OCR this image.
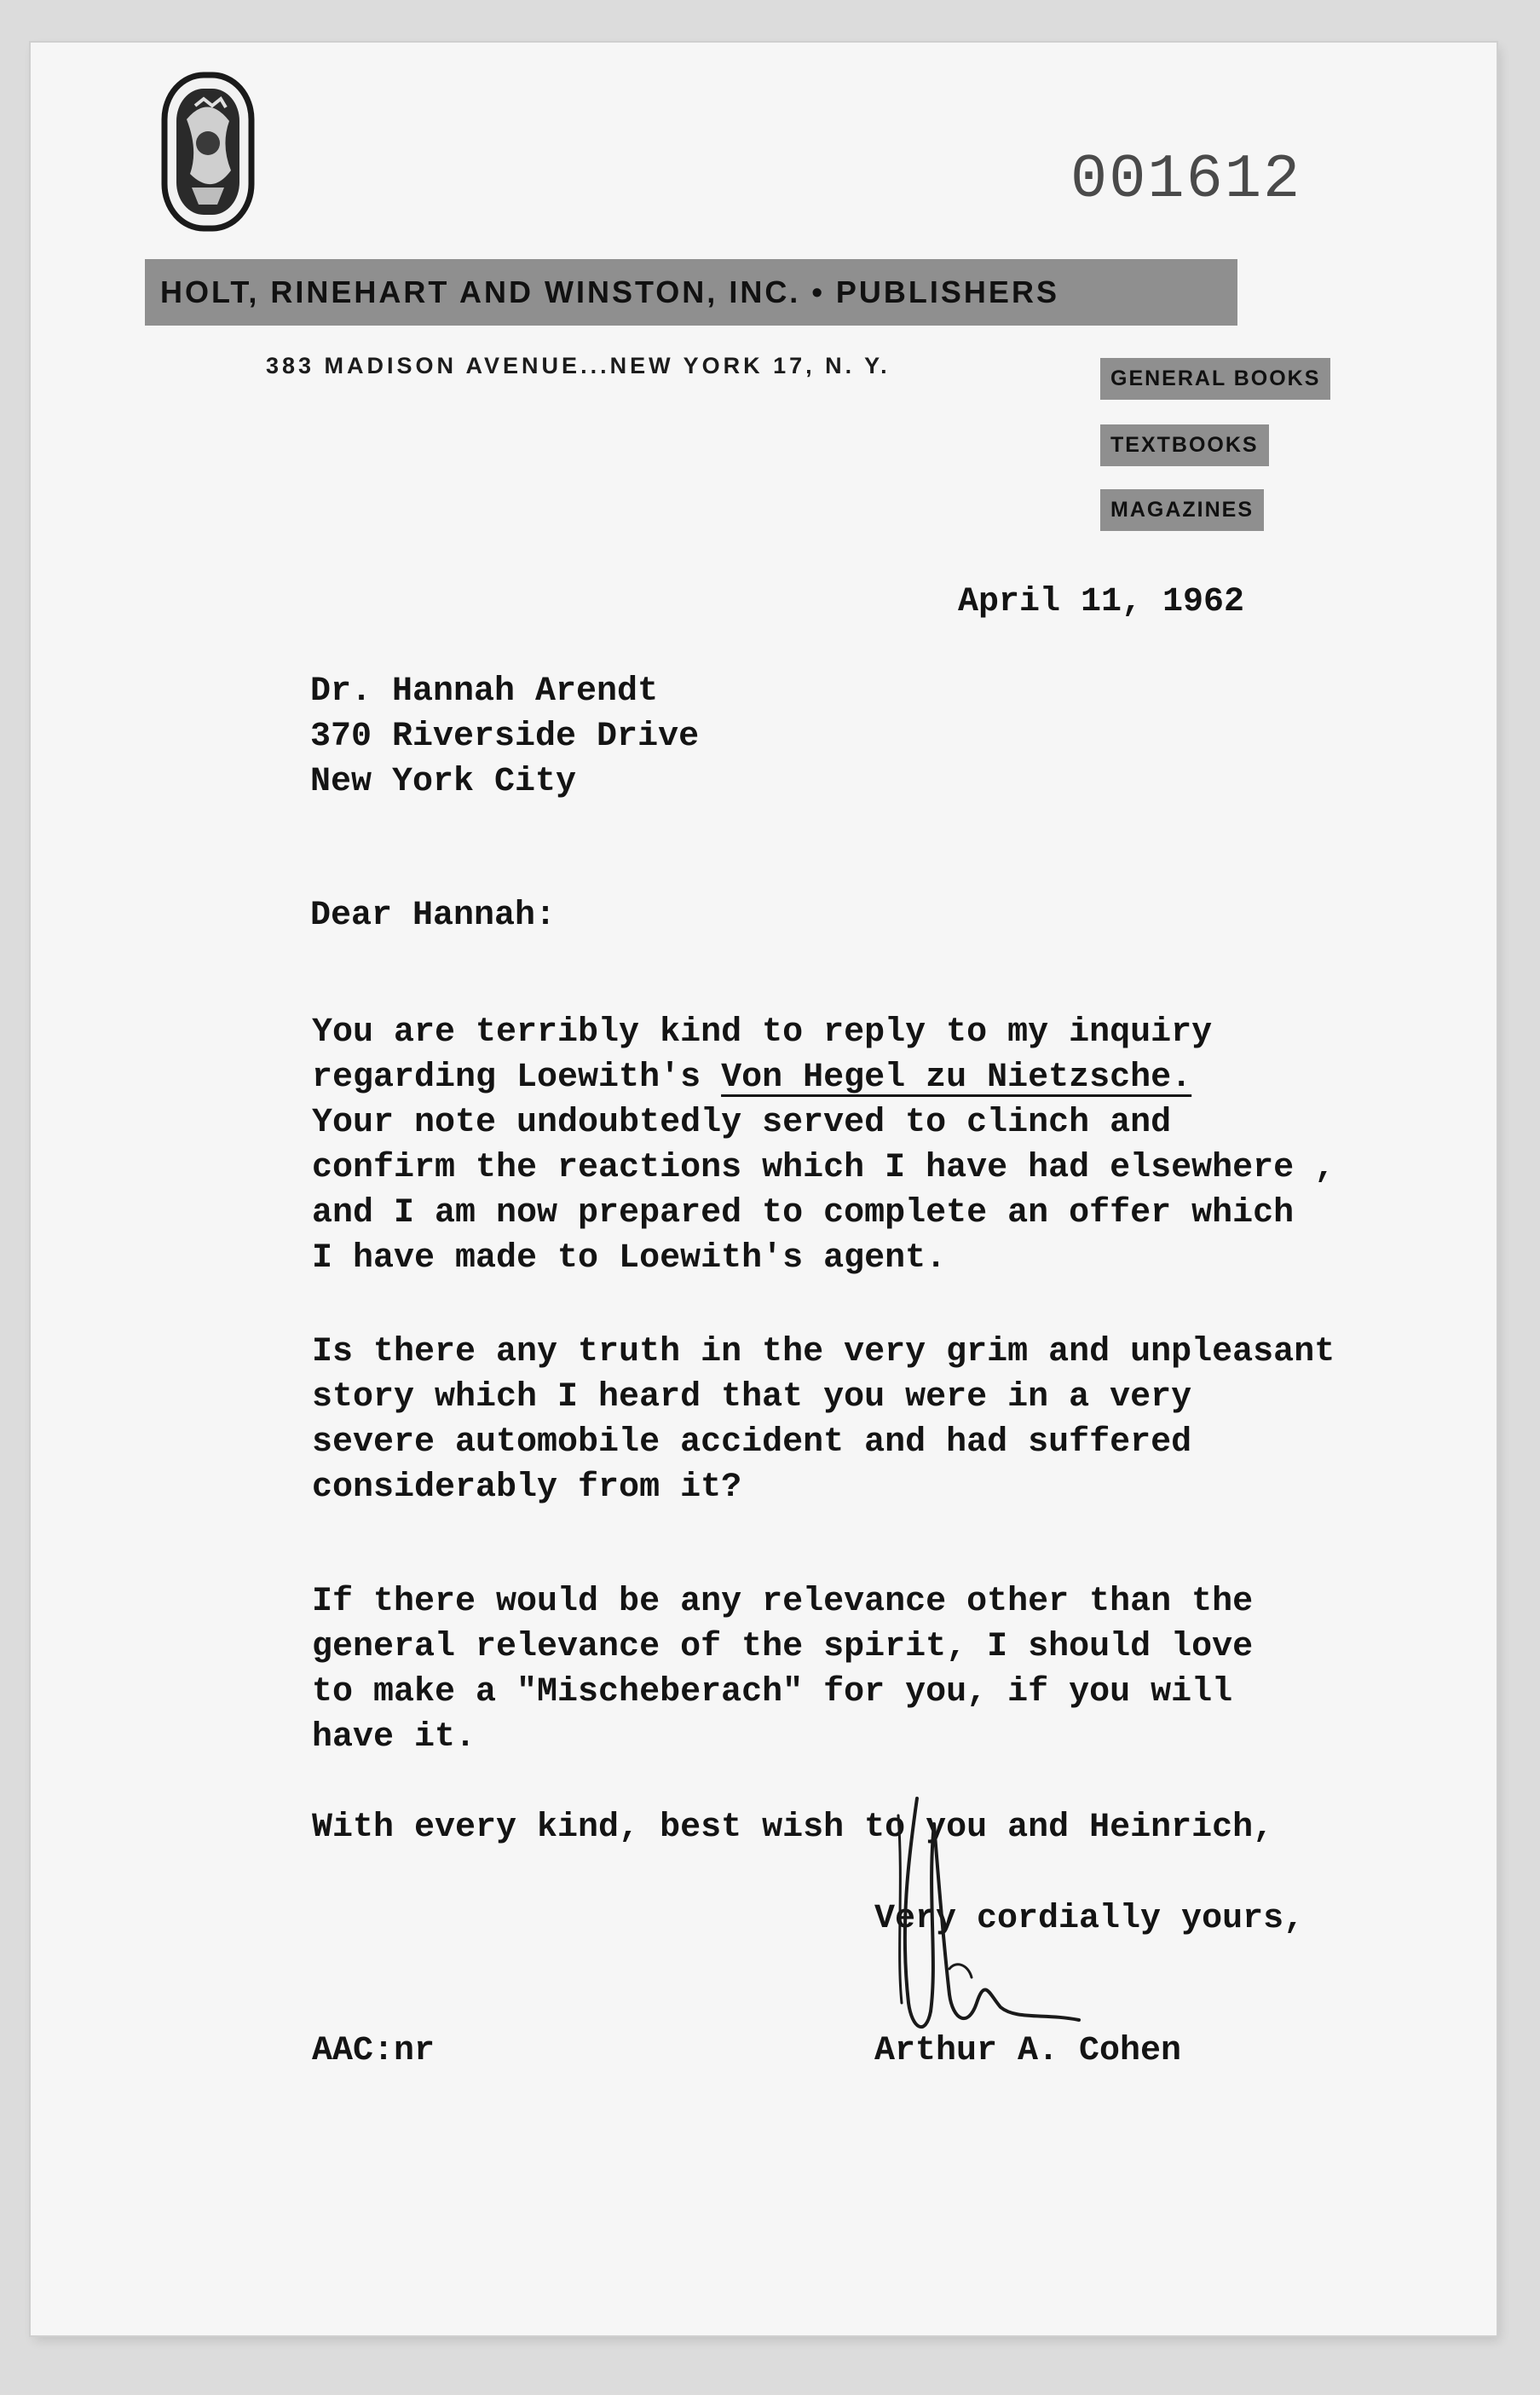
001612
HOLT, RINEHART AND WINSTON, INC. • PUBLISHERS
383 MADISON AVENUE...NEW YORK 17, N. Y.	GENERAL BOOKS
TEXTBOOKS
MAGAZINES
April 11, 1962
Dr. Hannah Arendt
370 Riverside Drive
New York City
Dear Hannah:
You are terribly kind to reply to my inquiry
regarding Loewith's Von Hegel zu Nietzsche.
Your note undoubtedly served to clinch and
confirm the reactions which I have had elsewhere ,
and I am now prepared to complete an offer which
I have made to Loewith's agent.
Is there any truth in the very grim and unpleasant
story which I heard that you were in a very
severe automobile accident and had suffered
considerably from it?
If there would be any relevance other than the
general relevance of the spirit, I should love
to make a "Mischeberach" for you, if you will
have it.
With every kind, best wish to you and Heinrich,
Very cordially yours,
AAC:nr	Arthur A. Cohen
